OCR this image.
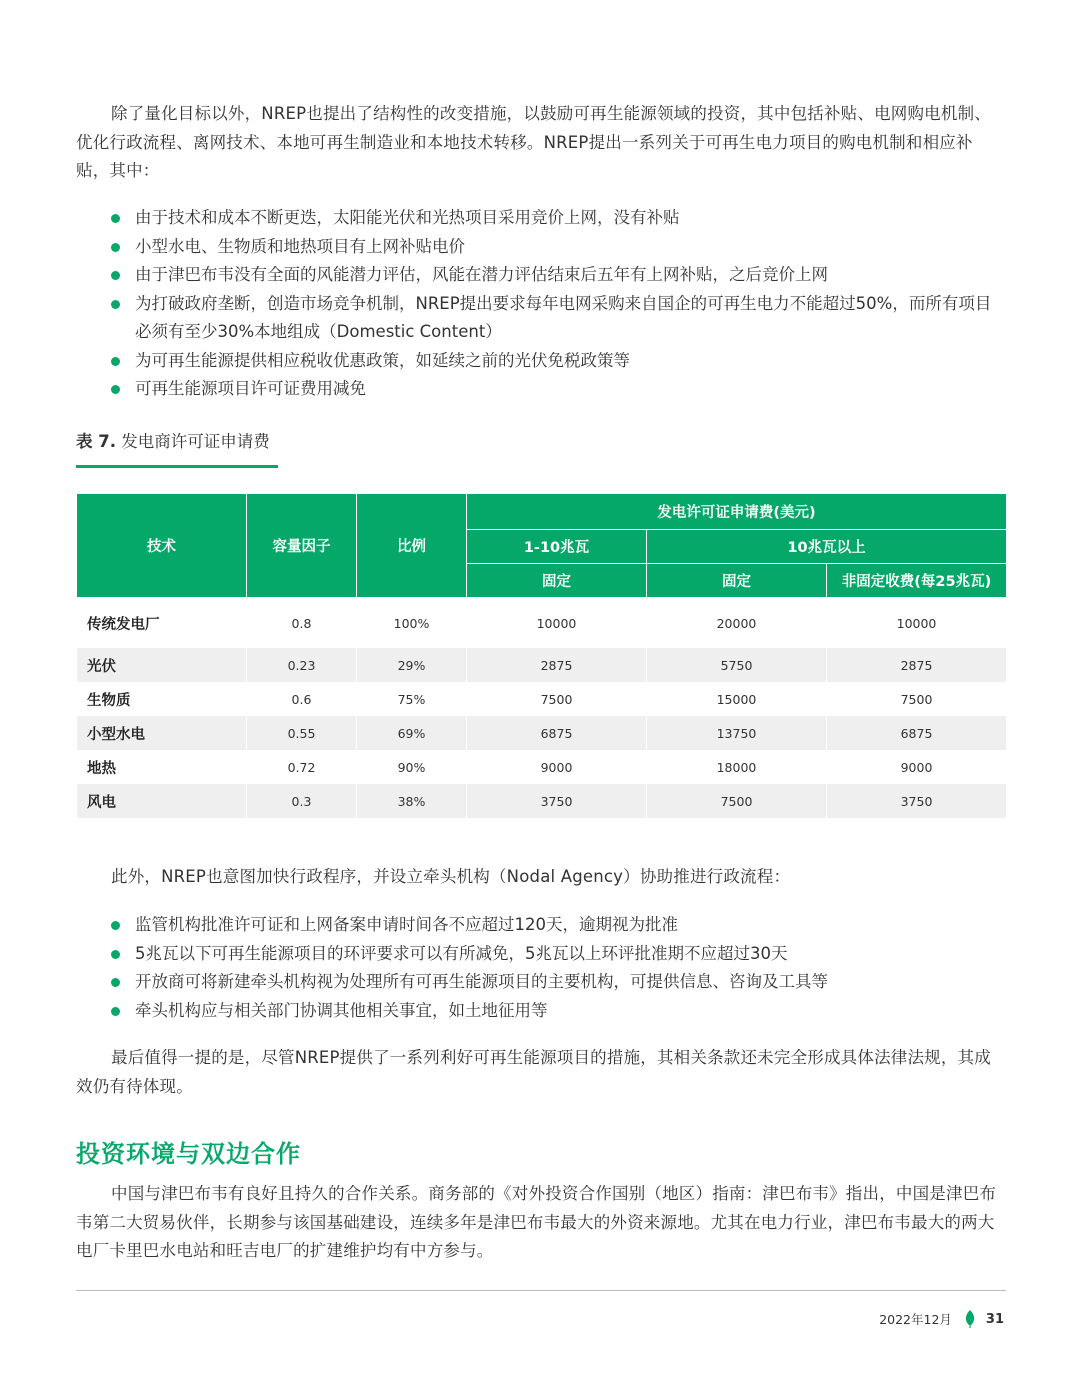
除了量化目标以外，NREP也提出了结构性的改变措施，以鼓励可再生能源领域的投资，其中包括补贴、电网购电机制、优化行政流程、离网技术、本地可再生制造业和本地技术转移。NREP提出一系列关于可再生电力项目的购电机制和相应补贴，其中：

由于技术和成本不断更迭，太阳能光伏和光热项目采用竞价上网，没有补贴
小型水电、生物质和地热项目有上网补贴电价
由于津巴布韦没有全面的风能潜力评估，风能在潜力评估结束后五年有上网补贴，之后竞价上网
为打破政府垄断，创造市场竞争机制，NREP提出要求每年电网采购来自国企的可再生电力不能超过50%，而所有项目必须有至少30%本地组成（Domestic Content）
为可再生能源提供相应税收优惠政策，如延续之前的光伏免税政策等
可再生能源项目许可证费用减免
表 7. 发电商许可证申请费
技术	容量因子	比例	发电许可证申请费(美元)		
			1-10兆瓦	10兆瓦以上	
			固定	固定	非固定收费(每25兆瓦)
传统发电厂	0.8	100%	10000	20000	10000
光伏	0.23	29%	2875	5750	2875
生物质	0.6	75%	7500	15000	7500
小型水电	0.55	69%	6875	13750	6875
地热	0.72	90%	9000	18000	9000
风电	0.3	38%	3750	7500	3750

此外，NREP也意图加快行政程序，并设立牵头机构（Nodal Agency）协助推进行政流程：

监管机构批准许可证和上网备案申请时间各不应超过120天，逾期视为批准
5兆瓦以下可再生能源项目的环评要求可以有所减免，5兆瓦以上环评批准期不应超过30天
开放商可将新建牵头机构视为处理所有可再生能源项目的主要机构，可提供信息、咨询及工具等
牵头机构应与相关部门协调其他相关事宜，如土地征用等

最后值得一提的是，尽管NREP提供了一系列利好可再生能源项目的措施，其相关条款还未完全形成具体法律法规，其成效仍有待体现。

投资环境与双边合作

中国与津巴布韦有良好且持久的合作关系。商务部的《对外投资合作国别（地区）指南：津巴布韦》指出，中国是津巴布韦第二大贸易伙伴，长期参与该国基础建设，连续多年是津巴布韦最大的外资来源地。尤其在电力行业，津巴布韦最大的两大电厂卡里巴水电站和旺吉电厂的扩建维护均有中方参与。

2022年12月	31
